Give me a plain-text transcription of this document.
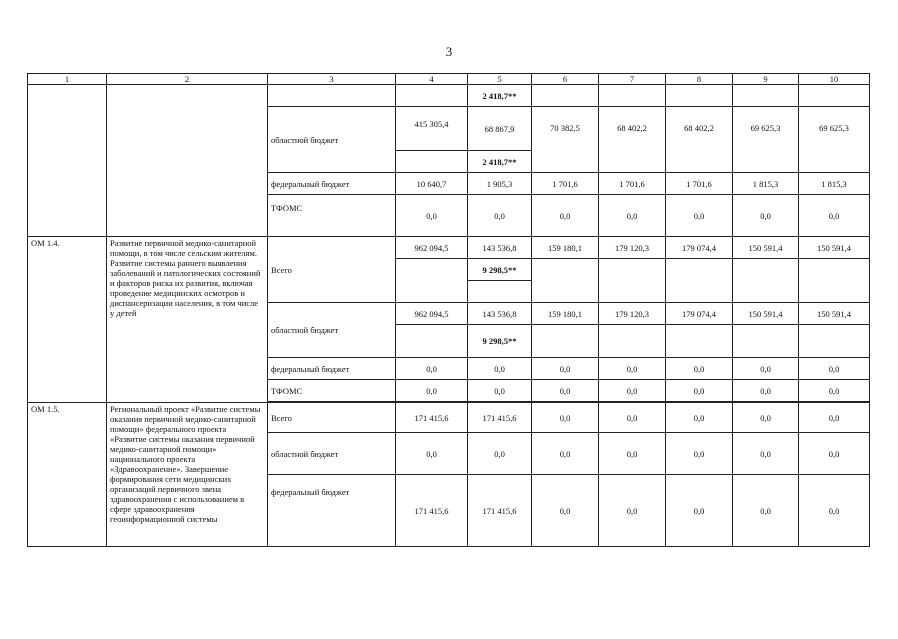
3
1	2	3	4	5	6	7	8	9	10
				2 418,7**					
		областной бюджет	415 305,4	68 867,9	70 382,5	68 402,2	68 402,2	69 625,3	69 625,3
				2 418,7**					
		федеральный бюджет	10 640,7	1 905,3	1 701,6	1 701,6	1 701,6	1 815,3	1 815,3
		ТФОМС	0,0	0,0	0,0	0,0	0,0	0,0	0,0
ОМ 1.4.	Развитие первичной медико-санитарной помощи, в том числе сельским жителям. Развитие системы раннего выявления заболеваний и патологических состояний и факторов риска их развития, включая проведение медицинских осмотров и диспансеризации населения, в том числе у детей	Всего	962 094,5	143 536,8	159 180,1	179 120,3	179 074,4	150 591,4	150 591,4
				9 298,5**					

		областной бюджет	962 094,5	143 536,8	159 180,1	179 120,3	179 074,4	150 591,4	150 591,4
				9 298,5**					
		федеральный бюджет	0,0	0,0	0,0	0,0	0,0	0,0	0,0
		ТФОМС	0,0	0,0	0,0	0,0	0,0	0,0	0,0

ОМ 1.5.	Региональный проект «Развитие системы оказания первичной медико-санитарной помощи» федерального проекта «Развитие системы оказания первичной медико-санитарной помощи» национального проекта «Здравоохранение». Завершение формирования сети медицинских организаций первичного звена здравоохранения с использованием в сфере здравоохранения геоинформационной системы	Всего	171 415,6	171 415,6	0,0	0,0	0,0	0,0	0,0
		областной бюджет	0,0	0,0	0,0	0,0	0,0	0,0	0,0
		федеральный бюджет	171 415,6	171 415,6	0,0	0,0	0,0	0,0	0,0
